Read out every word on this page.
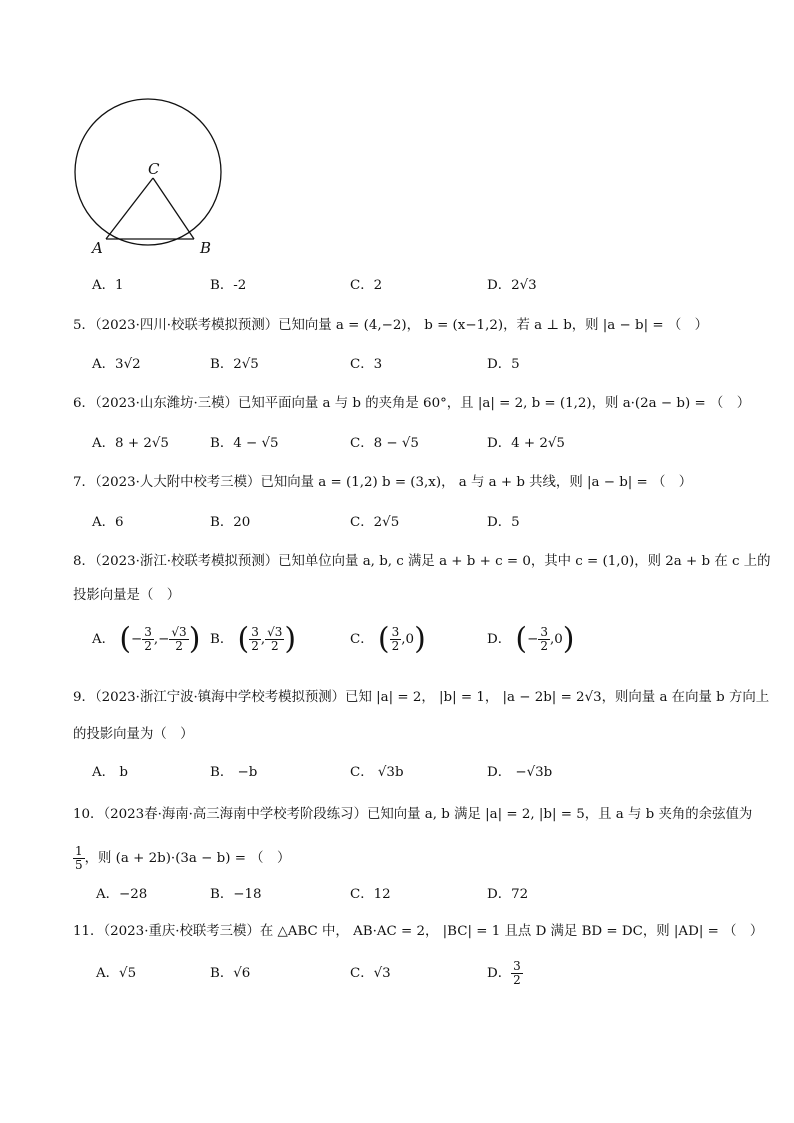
C
A	B
A．1	B．-2	C．2	D．2√3
5．（2023·四川·校联考模拟预测）已知向量 a = (4,−2)， b = (x−1,2)，若 a ⊥ b，则 |a − b| = （　）
A．3√2	B．2√5	C．3	D．5
6．（2023·山东潍坊·三模）已知平面向量 a 与 b 的夹角是 60°，且 |a| = 2, b = (1,2)，则 a·(2a − b) = （　）
A．8 + 2√5	B．4 − √5	C．8 − √5	D．4 + 2√5
7．（2023·人大附中校考三模）已知向量 a = (1,2) b = (3,x)， a 与 a + b 共线，则 |a − b| = （　）
A．6	B．20	C．2√5	D．5
8．（2023·浙江·校联考模拟预测）已知单位向量 a, b, c 满足 a + b + c = 0，其中 c = (1,0)，则 2a + b 在 c 上的
投影向量是（　）
A． (− $\frac{3}{2}$ ,− $\frac{√3}{2}$ ) B． ( $\frac{3}{2}$ , $\frac{√3}{2}$ )	C． ( $\frac{3}{2} ,0$)	D． (− $\frac{3}{2} ,0$)
9．（2023·浙江宁波·镇海中学校考模拟预测）已知 |a| = 2， |b| = 1， |a − 2b| = 2√3，则向量 a 在向量 b 方向上
的投影向量为（　）
A． b	B． −b	C． √3b	D． −√3b
10．（2023春·海南·高三海南中学校考阶段练习）已知向量 a, b 满足 |a| = 2, |b| = 5，且 a 与 b 夹角的余弦值为
$\frac{1}{5}$ ，则 (a + 2b)·(3a − b) = （　）
A．−28	B．−18	C．12	D．72
11．（2023·重庆·校联考三模）在 △ABC 中， AB·AC = 2， |BC| = 1 且点 D 满足 BD = DC，则 |AD| = （　）
A．√5	B．√6	C．√3	D． $\frac{3}{2}$
